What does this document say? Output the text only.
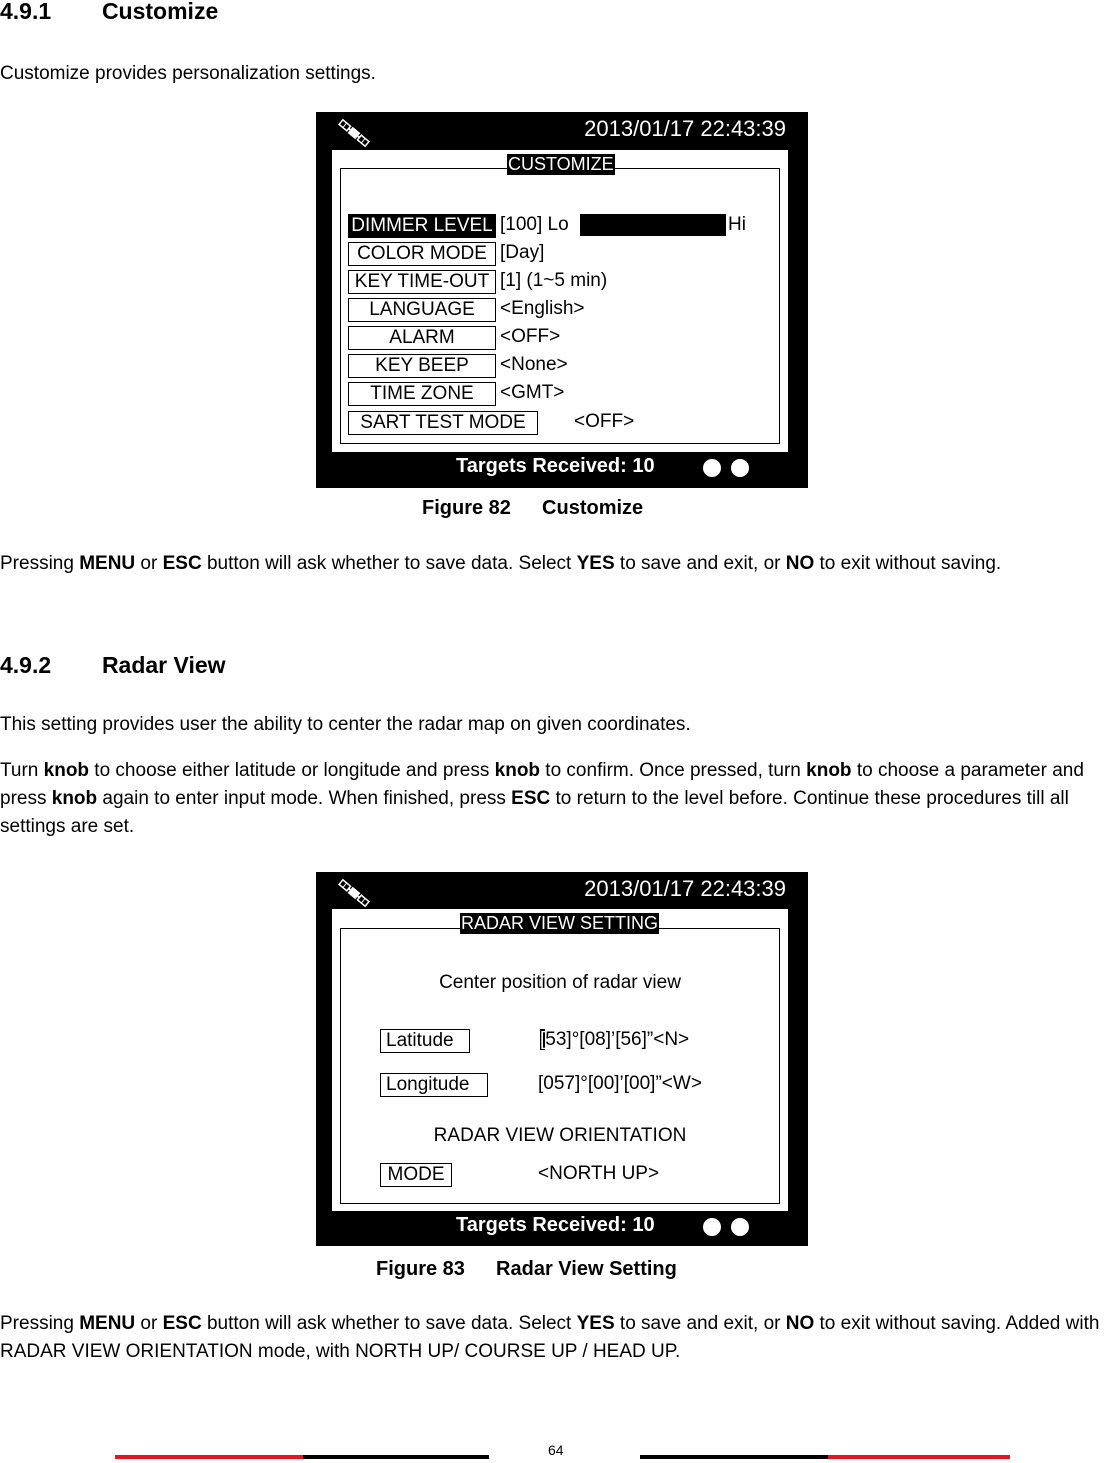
4.9.1 Customize
Customize provides personalization settings.
2013/01/17 22:43:39
CUSTOMIZE
DIMMER LEVEL [100] Lo	Hi
COLOR MODE [Day]
KEY TIME-OUT [1] (1~5 min)
LANGUAGE	<English>
ALARM	<OFF>
KEY BEEP	<None>
TIME ZONE	<GMT>
SART TEST MODE	<OFF>
Targets Received: 10
Figure 82 Customize
Pressing MENU or ESC button will ask whether to save data. Select YES to save and exit, or NO to exit without saving.
4.9.2 Radar View
This setting provides user the ability to center the radar map on given coordinates.
Turn knob to choose either latitude or longitude and press knob to confirm. Once pressed, turn knob to choose a parameter and press knob again to enter input mode. When finished, press ESC to return to the level before. Continue these procedures till all settings are set.
2013/01/17 22:43:39
RADAR VIEW SETTING
Center position of radar view
Latitude	[53]°[08]’[56]”<N>
Longitude	[057]°[00]’[00]”<W>
RADAR VIEW ORIENTATION
MODE	<NORTH UP>
Targets Received: 10
Figure 83 Radar View Setting
Pressing MENU or ESC button will ask whether to save data. Select YES to save and exit, or NO to exit without saving. Added with RADAR VIEW ORIENTATION mode, with NORTH UP/ COURSE UP / HEAD UP.
64
